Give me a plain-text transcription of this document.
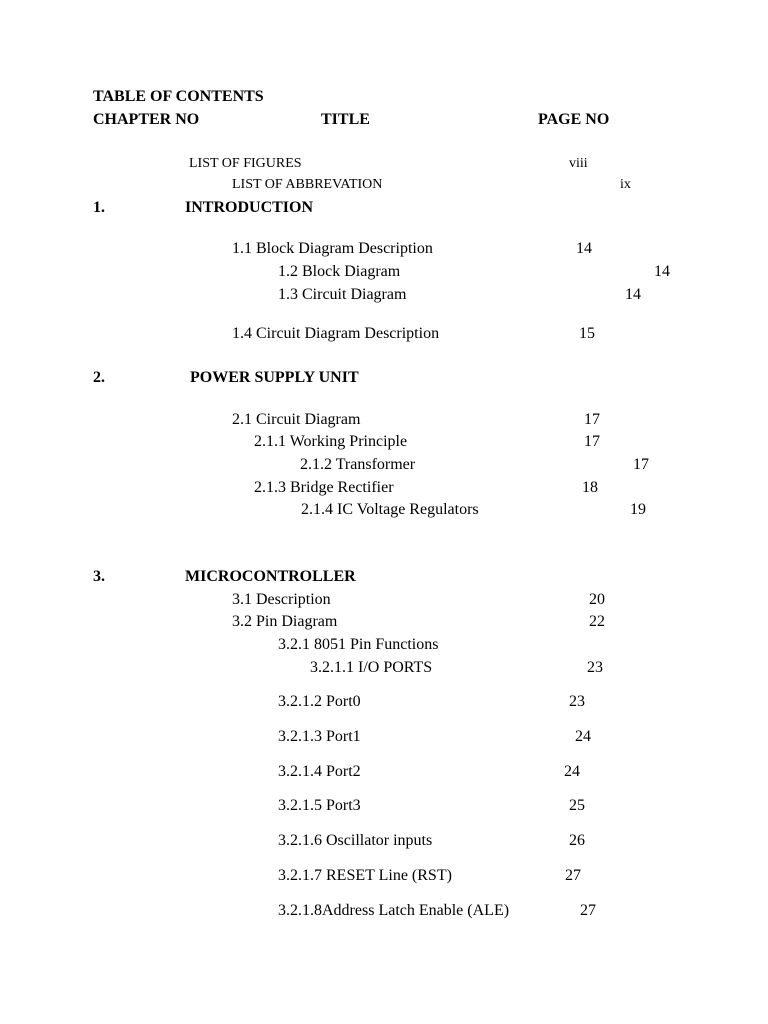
TABLE OF CONTENTS
CHAPTER NO	TITLE	PAGE NO
LIST OF FIGURES	viii
LIST OF ABBREVATION	ix
1.	INTRODUCTION
1.1 Block Diagram Description	14
1.2 Block Diagram	14
1.3 Circuit Diagram	14
1.4 Circuit Diagram Description	15
2.	POWER SUPPLY UNIT
2.1 Circuit Diagram	17
2.1.1 Working Principle	17
2.1.2 Transformer	17
2.1.3 Bridge Rectifier	18
2.1.4 IC Voltage Regulators	19
3.	MICROCONTROLLER
3.1 Description	20
3.2 Pin Diagram	22
3.2.1 8051 Pin Functions
3.2.1.1 I/O PORTS	23
3.2.1.2 Port0	23
3.2.1.3 Port1	24
3.2.1.4 Port2	24
3.2.1.5 Port3	25
3.2.1.6 Oscillator inputs	26
3.2.1.7 RESET Line (RST)	27
3.2.1.8Address Latch Enable (ALE)	27
